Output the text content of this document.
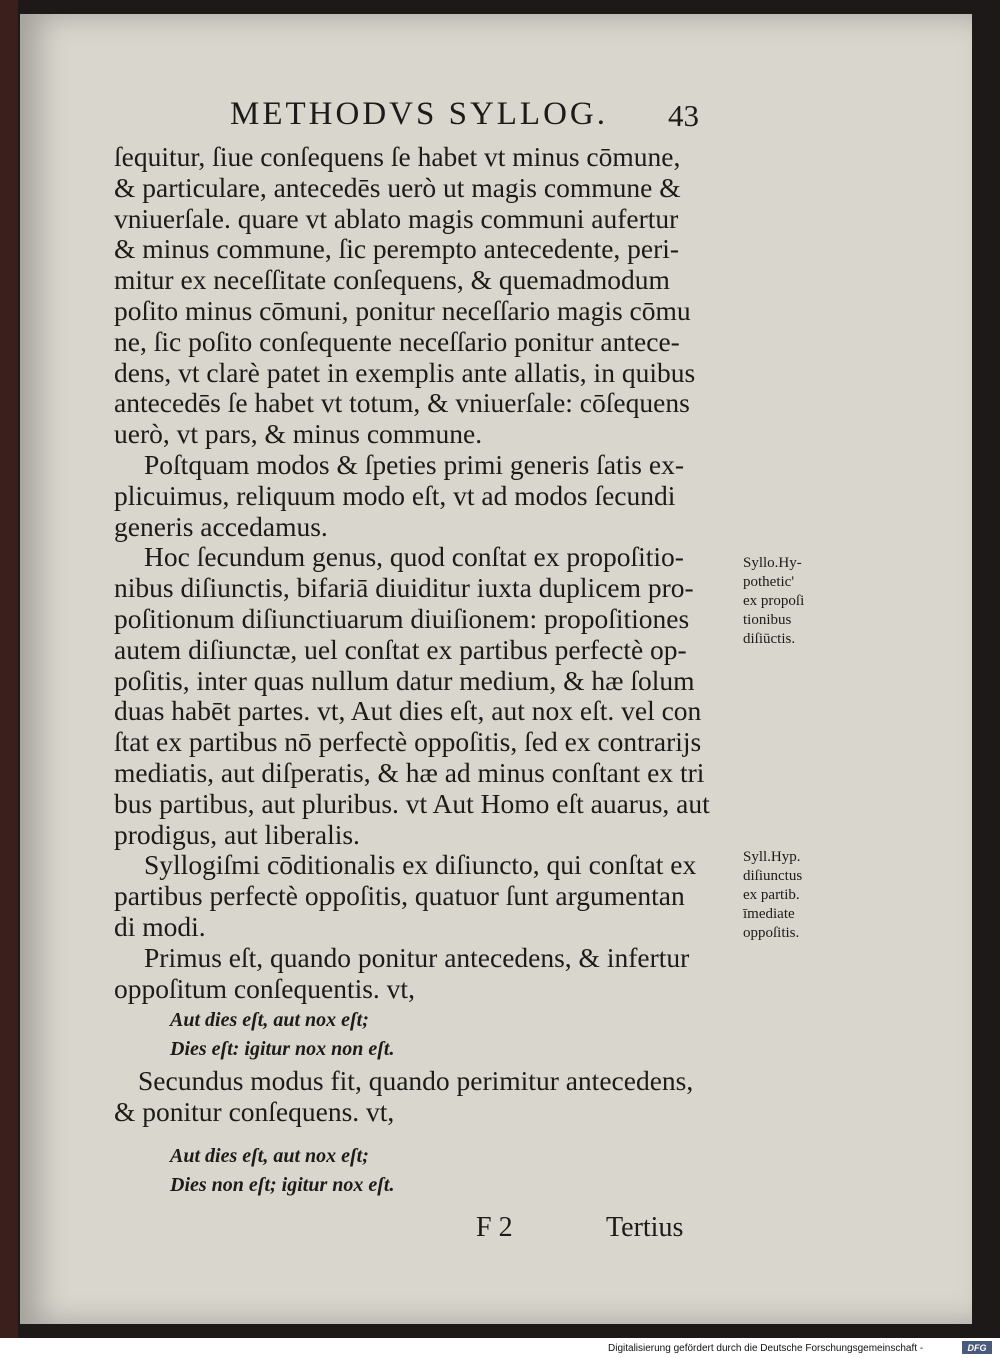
METHODVS SYLLOG. 43
ſequitur, ſiue conſequens ſe habet vt minus cōmune,
& particulare, antecedēs uerò ut magis commune &
vniuerſale. quare vt ablato magis communi aufertur
& minus commune, ſic perempto antecedente, peri-
mitur ex neceſſitate conſequens, & quemadmodum
poſito minus cōmuni, ponitur neceſſario magis cōmu
ne, ſic poſito conſequente neceſſario ponitur antece-
dens, vt clarè patet in exemplis ante allatis, in quibus
antecedēs ſe habet vt totum, & vniuerſale: cōſequens
uerò, vt pars, & minus commune.
Poſtquam modos & ſpeties primi generis ſatis ex-
plicuimus, reliquum modo eſt, vt ad modos ſecundi
generis accedamus.
Hoc ſecundum genus, quod conſtat ex propoſitio-
nibus diſiunctis, bifariā diuiditur iuxta duplicem pro-
poſitionum diſiunctiuarum diuiſionem: propoſitiones
autem diſiunctæ, uel conſtat ex partibus perfectè op-
poſitis, inter quas nullum datur medium, & hæ ſolum
duas habēt partes. vt, Aut dies eſt, aut nox eſt. vel con
ſtat ex partibus nō perfectè oppoſitis, ſed ex contrarijs
mediatis, aut diſperatis, & hæ ad minus conſtant ex tri
bus partibus, aut pluribus. vt Aut Homo eſt auarus, aut
prodigus, aut liberalis.
Syllogiſmi cōditionalis ex diſiuncto, qui conſtat ex
partibus perfectè oppoſitis, quatuor ſunt argumentan
di modi.
Primus eſt, quando ponitur antecedens, & infertur
oppoſitum conſequentis. vt,
Aut dies eſt, aut nox eſt;
Dies eſt: igitur nox non eſt.
Secundus modus fit, quando perimitur antecedens,
& ponitur conſequens. vt,
Aut dies eſt, aut nox eſt;
Dies non eſt; igitur nox eſt.
Syllo.Hy-
pothetic'
ex propoſi
tionibus
diſiūctis.
Syll.Hyp.
diſiunctus
ex partib.
īmediate
oppoſitis.
F 2	Tertius
Digitalisierung gefördert durch die Deutsche Forschungsgemeinschaft -	DFG
